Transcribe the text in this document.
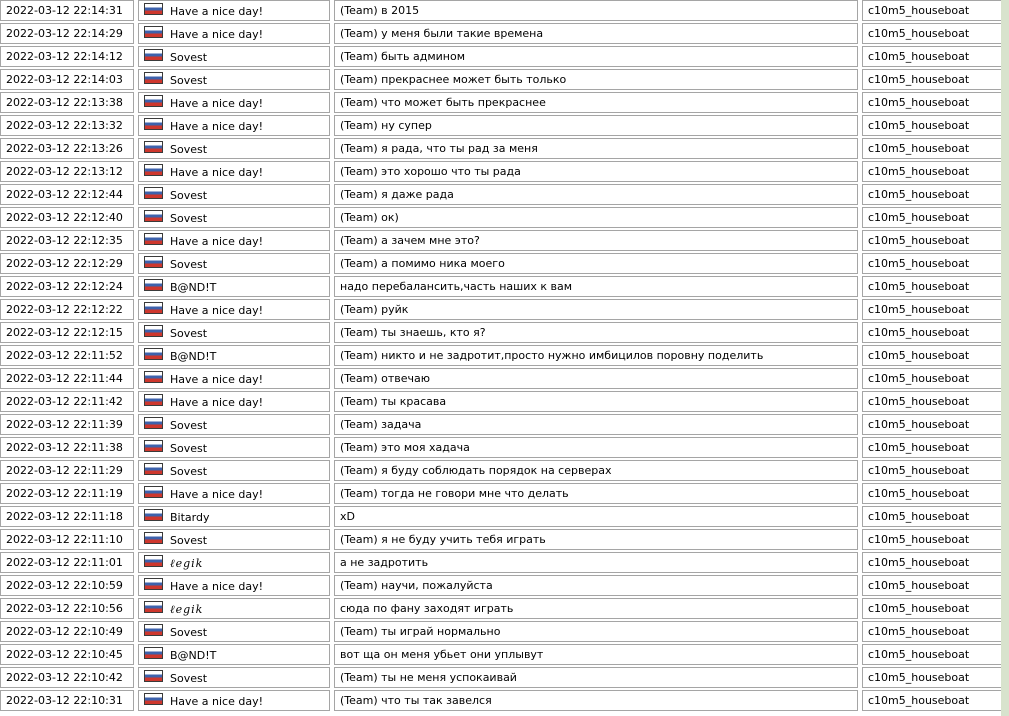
2022-03-12 22:14:31	Have a nice day!	(Team) в 2015	c10m5_houseboat
2022-03-12 22:14:29	Have a nice day!	(Team) у меня были такие времена	c10m5_houseboat
2022-03-12 22:14:12	Sovest	(Team) быть админом	c10m5_houseboat
2022-03-12 22:14:03	Sovest	(Team) прекраснее может быть только	c10m5_houseboat
2022-03-12 22:13:38	Have a nice day!	(Team) что может быть прекраснее	c10m5_houseboat
2022-03-12 22:13:32	Have a nice day!	(Team) ну супер	c10m5_houseboat
2022-03-12 22:13:26	Sovest	(Team) я рада, что ты рад за меня	c10m5_houseboat
2022-03-12 22:13:12	Have a nice day!	(Team) это хорошо что ты рада	c10m5_houseboat
2022-03-12 22:12:44	Sovest	(Team) я даже рада	c10m5_houseboat
2022-03-12 22:12:40	Sovest	(Team) ок)	c10m5_houseboat
2022-03-12 22:12:35	Have a nice day!	(Team) а зачем мне это?	c10m5_houseboat
2022-03-12 22:12:29	Sovest	(Team) а помимо ника моего	c10m5_houseboat
2022-03-12 22:12:24	B@ND!T	надо перебалансить,часть наших к вам	c10m5_houseboat
2022-03-12 22:12:22	Have a nice day!	(Team) руйк	c10m5_houseboat
2022-03-12 22:12:15	Sovest	(Team) ты знаешь, кто я?	c10m5_houseboat
2022-03-12 22:11:52	B@ND!T	(Team) никто и не задротит,просто нужно имбицилов поровну поделить	c10m5_houseboat
2022-03-12 22:11:44	Have a nice day!	(Team) отвечаю	c10m5_houseboat
2022-03-12 22:11:42	Have a nice day!	(Team) ты красава	c10m5_houseboat
2022-03-12 22:11:39	Sovest	(Team) задача	c10m5_houseboat
2022-03-12 22:11:38	Sovest	(Team) это моя хадача	c10m5_houseboat
2022-03-12 22:11:29	Sovest	(Team) я буду соблюдать порядок на серверах	c10m5_houseboat
2022-03-12 22:11:19	Have a nice day!	(Team) тогда не говори мне что делать	c10m5_houseboat
2022-03-12 22:11:18	Bitardy	xD	c10m5_houseboat
2022-03-12 22:11:10	Sovest	(Team) я не буду учить тебя играть	c10m5_houseboat
2022-03-12 22:11:01	ℓegik	а не задротить	c10m5_houseboat
2022-03-12 22:10:59	Have a nice day!	(Team) научи, пожалуйста	c10m5_houseboat
2022-03-12 22:10:56	ℓegik	сюда по фану заходят играть	c10m5_houseboat
2022-03-12 22:10:49	Sovest	(Team) ты играй нормально	c10m5_houseboat
2022-03-12 22:10:45	B@ND!T	вот ща он меня убьет они уплывут	c10m5_houseboat
2022-03-12 22:10:42	Sovest	(Team) ты не меня успокаивай	c10m5_houseboat
2022-03-12 22:10:31	Have a nice day!	(Team) что ты так завелся	c10m5_houseboat
